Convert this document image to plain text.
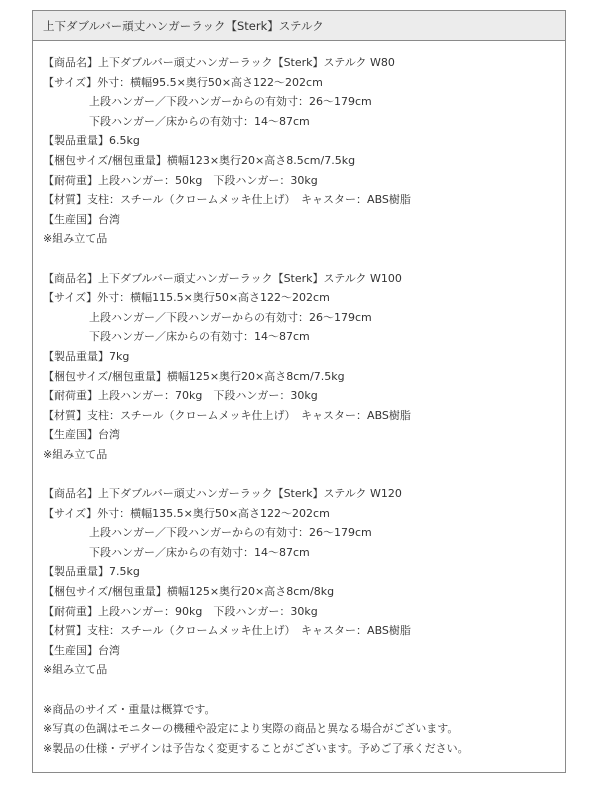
上下ダブルバー頑丈ハンガーラック【Sterk】ステルク
【商品名】上下ダブルバー頑丈ハンガーラック【Sterk】ステルク W80
【サイズ】外寸：横幅95.5×奥行50×高さ122～202cm
上段ハンガー／下段ハンガーからの有効寸：26～179cm
下段ハンガー／床からの有効寸：14～87cm
【製品重量】6.5kg
【梱包サイズ/梱包重量】横幅123×奥行20×高さ8.5cm/7.5kg
【耐荷重】上段ハンガー：50kg　下段ハンガー：30kg
【材質】支柱：スチール（クロームメッキ仕上げ）　キャスター：ABS樹脂
【生産国】台湾
※組み立て品
【商品名】上下ダブルバー頑丈ハンガーラック【Sterk】ステルク W100
【サイズ】外寸：横幅115.5×奥行50×高さ122～202cm
上段ハンガー／下段ハンガーからの有効寸：26～179cm
下段ハンガー／床からの有効寸：14～87cm
【製品重量】7kg
【梱包サイズ/梱包重量】横幅125×奥行20×高さ8cm/7.5kg
【耐荷重】上段ハンガー：70kg　下段ハンガー：30kg
【材質】支柱：スチール（クロームメッキ仕上げ）　キャスター：ABS樹脂
【生産国】台湾
※組み立て品
【商品名】上下ダブルバー頑丈ハンガーラック【Sterk】ステルク W120
【サイズ】外寸：横幅135.5×奥行50×高さ122～202cm
上段ハンガー／下段ハンガーからの有効寸：26～179cm
下段ハンガー／床からの有効寸：14～87cm
【製品重量】7.5kg
【梱包サイズ/梱包重量】横幅125×奥行20×高さ8cm/8kg
【耐荷重】上段ハンガー：90kg　下段ハンガー：30kg
【材質】支柱：スチール（クロームメッキ仕上げ）　キャスター：ABS樹脂
【生産国】台湾
※組み立て品
※商品のサイズ・重量は概算です。
※写真の色調はモニターの機種や設定により実際の商品と異なる場合がございます。
※製品の仕様・デザインは予告なく変更することがございます。予めご了承ください。
